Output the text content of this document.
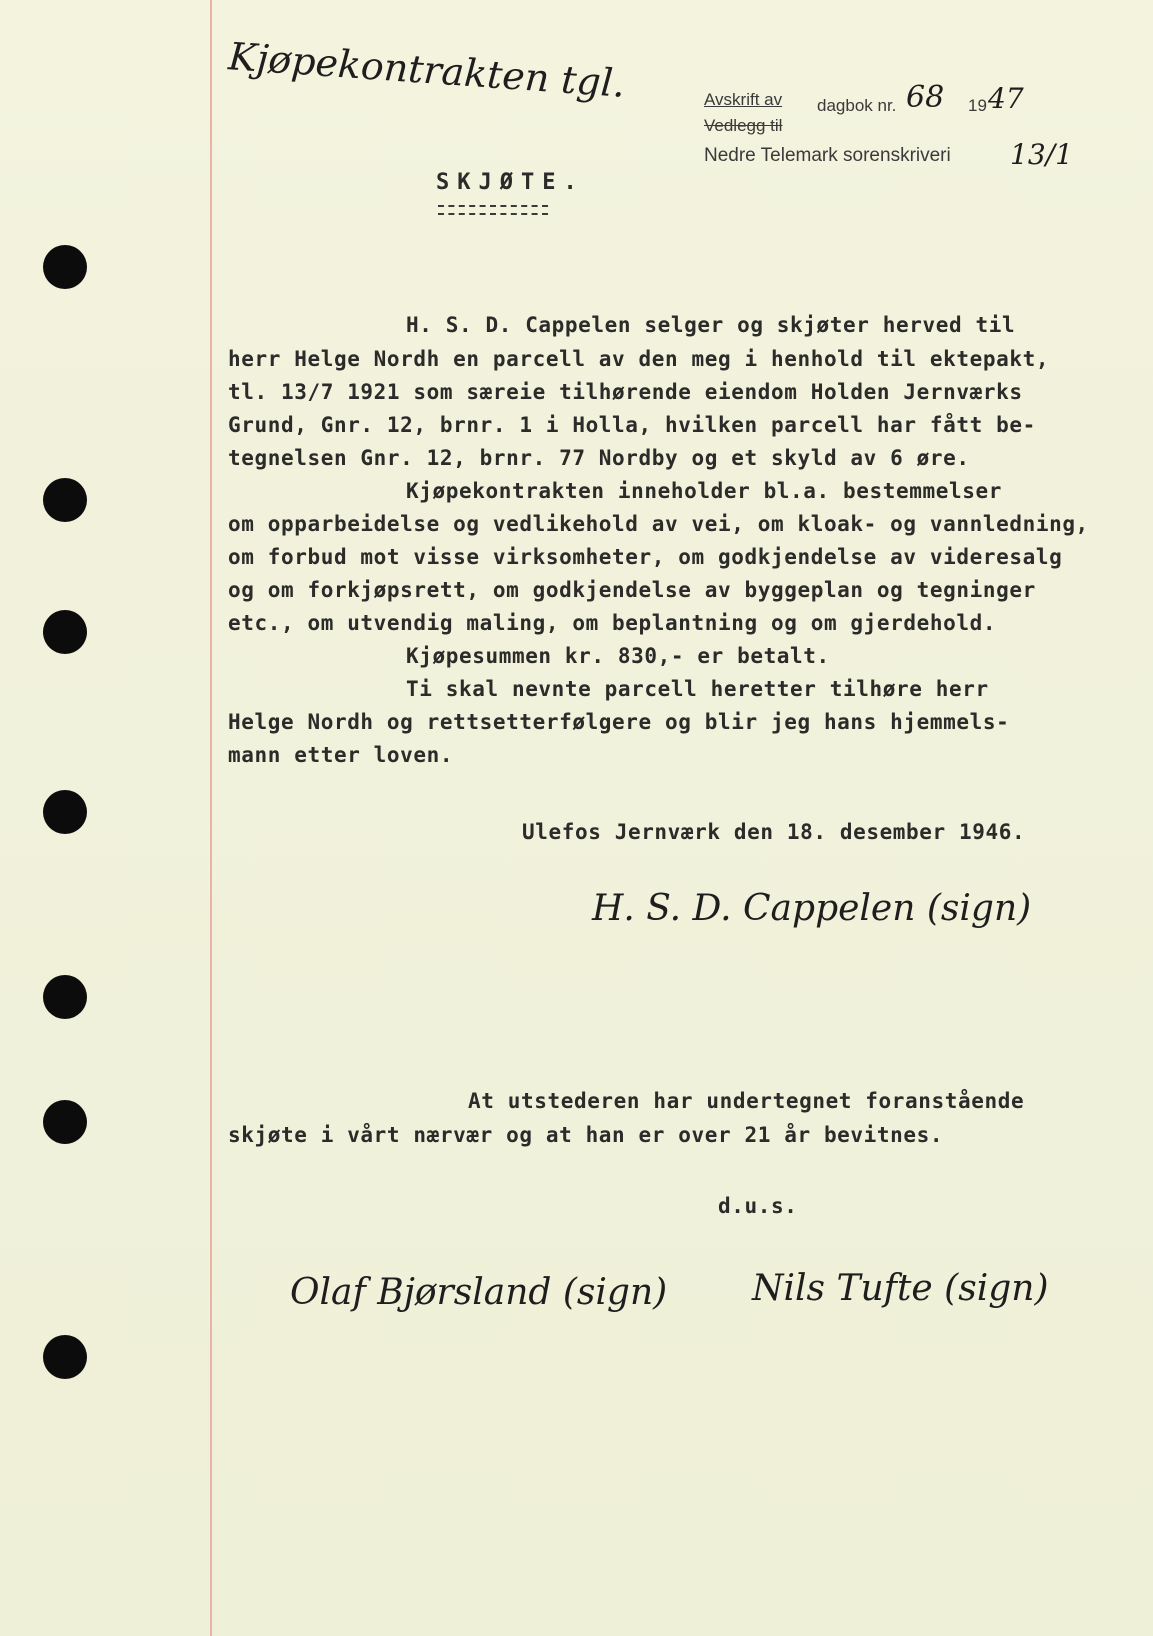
Kjøpekontrakten tgl.	Avskrift av dagbok nr. 68 19 47
Vedlegg til
Nedre Telemark sorenskriveri 13/1
SKJØTE.
H. S. D. Cappelen selger og skjøter herved til
herr Helge Nordh en parcell av den meg i henhold til ektepakt,
tl. 13/7 1921 som særeie tilhørende eiendom Holden Jernværks
Grund, Gnr. 12, brnr. 1 i Holla, hvilken parcell har fått be-
tegnelsen Gnr. 12, brnr. 77 Nordby og et skyld av 6 øre.
Kjøpekontrakten inneholder bl.a. bestemmelser
om opparbeidelse og vedlikehold av vei, om kloak- og vannledning,
om forbud mot visse virksomheter, om godkjendelse av videresalg
og om forkjøpsrett, om godkjendelse av byggeplan og tegninger
etc., om utvendig maling, om beplantning og om gjerdehold.
Kjøpesummen kr. 830,- er betalt.
Ti skal nevnte parcell heretter tilhøre herr
Helge Nordh og rettsetterfølgere og blir jeg hans hjemmels-
mann etter loven.
Ulefos Jernværk den 18. desember 1946.
H. S. D. Cappelen (sign)
At utstederen har undertegnet foranstående
skjøte i vårt nærvær og at han er over 21 år bevitnes.
d.u.s.
Olaf Bjørsland (sign) Nils Tufte (sign)
